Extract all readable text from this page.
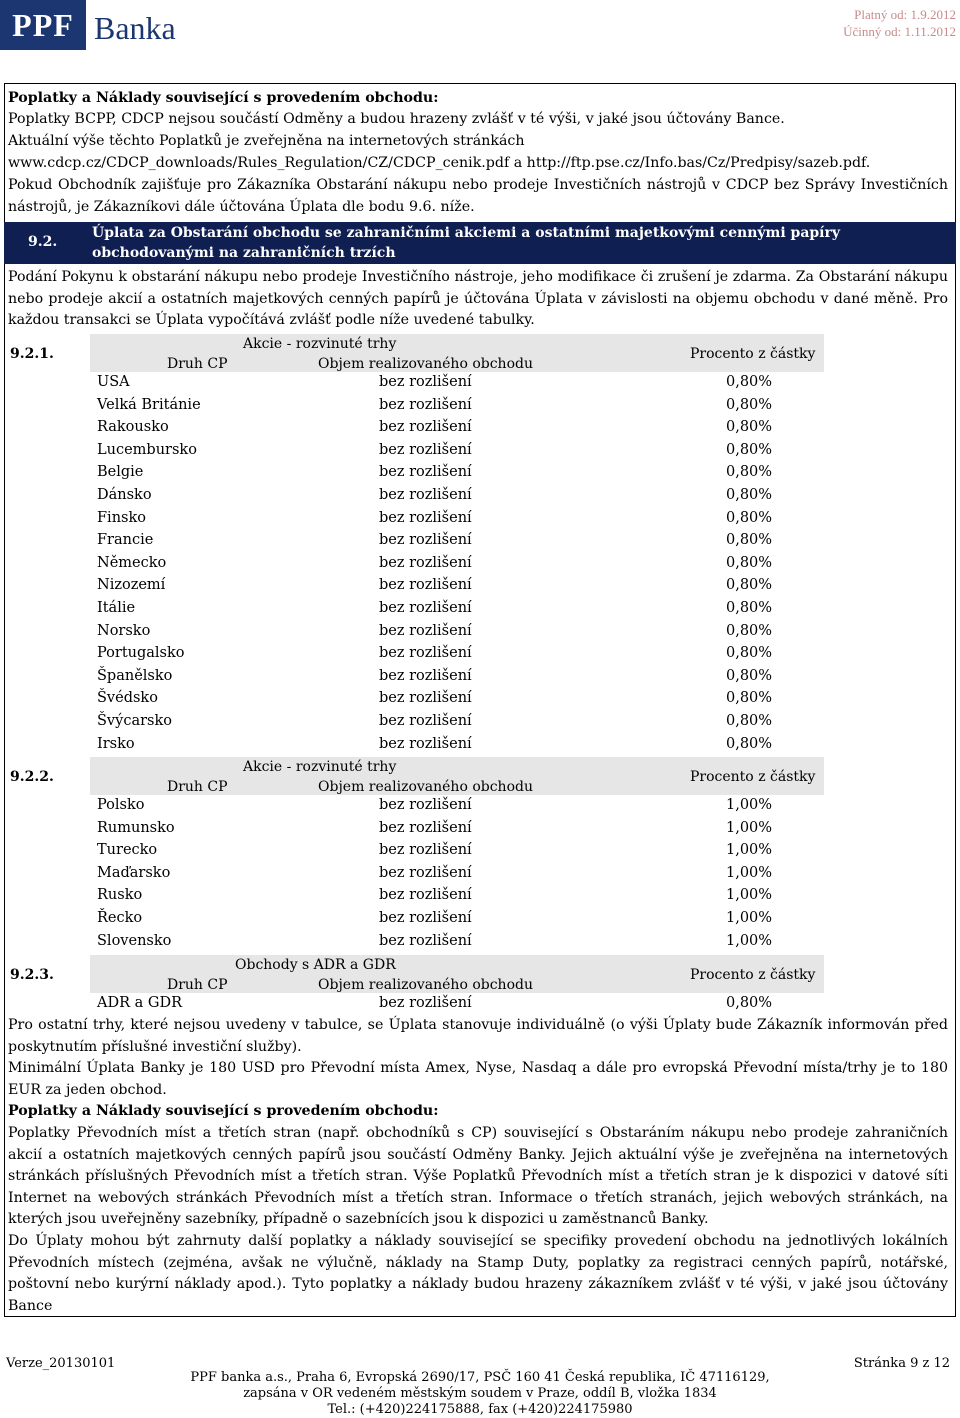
PPF Banka	Platný od: 1.9.2012
Účinný od: 1.11.2012
Poplatky a Náklady související s provedením obchodu:
Poplatky BCPP, CDCP nejsou součástí Odměny a budou hrazeny zvlášť v té výši, v jaké jsou účtovány Bance.
Aktuální výše těchto Poplatků je zveřejněna na internetových stránkách
www.cdcp.cz/CDCP_downloads/Rules_Regulation/CZ/CDCP_cenik.pdf a http://ftp.pse.cz/Info.bas/Cz/Predpisy/sazeb.pdf.
Pokud Obchodník zajišťuje pro Zákazníka Obstarání nákupu nebo prodeje Investičních nástrojů v CDCP bez Správy Investičních nástrojů, je Zákazníkovi dále účtována Úplata dle bodu 9.6. níže.
9.2.
Úplata za Obstarání obchodu se zahraničními akciemi a ostatními majetkovými cennými papíry obchodovanými na zahraničních trzích
Podání Pokynu k obstarání nákupu nebo prodeje Investičního nástroje, jeho modifikace či zrušení je zdarma. Za Obstarání nákupu nebo prodeje akcií a ostatních majetkových cenných papírů je účtována Úplata v závislosti na objemu obchodu v dané měně. Pro každou transakci se Úplata vypočítává zvlášť podle níže uvedené tabulky.
9.2.1.
Akcie - rozvinuté trhy
Druh CP	Objem realizovaného obchodu
Procento z částky
USA	bez rozlišení	0,80%
Velká Británie	bez rozlišení	0,80%
Rakousko	bez rozlišení	0,80%
Lucembursko	bez rozlišení	0,80%
Belgie	bez rozlišení	0,80%
Dánsko	bez rozlišení	0,80%
Finsko	bez rozlišení	0,80%
Francie	bez rozlišení	0,80%
Německo	bez rozlišení	0,80%
Nizozemí	bez rozlišení	0,80%
Itálie	bez rozlišení	0,80%
Norsko	bez rozlišení	0,80%
Portugalsko	bez rozlišení	0,80%
Španělsko	bez rozlišení	0,80%
Švédsko	bez rozlišení	0,80%
Švýcarsko	bez rozlišení	0,80%
Irsko	bez rozlišení	0,80%
9.2.2.
Akcie - rozvinuté trhy
Druh CP	Objem realizovaného obchodu
Procento z částky
Polsko	bez rozlišení	1,00%
Rumunsko	bez rozlišení	1,00%
Turecko	bez rozlišení	1,00%
Maďarsko	bez rozlišení	1,00%
Rusko	bez rozlišení	1,00%
Řecko	bez rozlišení	1,00%
Slovensko	bez rozlišení	1,00%
9.2.3.
Obchody s ADR a GDR
Druh CP	Objem realizovaného obchodu
Procento z částky
ADR a GDR	bez rozlišení	0,80%
Pro ostatní trhy, které nejsou uvedeny v tabulce, se Úplata stanovuje individuálně (o výši Úplaty bude Zákazník informován před poskytnutím příslušné investiční služby).
Minimální Úplata Banky je 180 USD pro Převodní místa Amex, Nyse, Nasdaq a dále pro evropská Převodní místa/trhy je to 180 EUR za jeden obchod.
Poplatky a Náklady související s provedením obchodu:
Poplatky Převodních míst a třetích stran (např. obchodníků s CP) související s Obstaráním nákupu nebo prodeje zahraničních akcií a ostatních majetkových cenných papírů jsou součástí Odměny Banky. Jejich aktuální výše je zveřejněna na internetových stránkách příslušných Převodních míst a třetích stran. Výše Poplatků Převodních míst a třetích stran je k dispozici v datové síti Internet na webových stránkách Převodních míst a třetích stran. Informace o třetích stranách, jejich webových stránkách, na kterých jsou uveřejněny sazebníky, případně o sazebnících jsou k dispozici u zaměstnanců Banky.
Do Úplaty mohou být zahrnuty další poplatky a náklady související se specifiky provedení obchodu na jednotlivých lokálních Převodních místech (zejména, avšak ne výlučně, náklady na Stamp Duty, poplatky za registraci cenných papírů, notářské, poštovní nebo kurýrní náklady apod.). Tyto poplatky a náklady budou hrazeny zákazníkem zvlášť v té výši, v jaké jsou účtovány Bance
Verze_20130101	Stránka 9 z 12
PPF banka a.s., Praha 6, Evropská 2690/17, PSČ 160 41 Česká republika, IČ 47116129,
zapsána v OR vedeném městským soudem v Praze, oddíl B, vložka 1834
Tel.: (+420)224175888, fax (+420)224175980
